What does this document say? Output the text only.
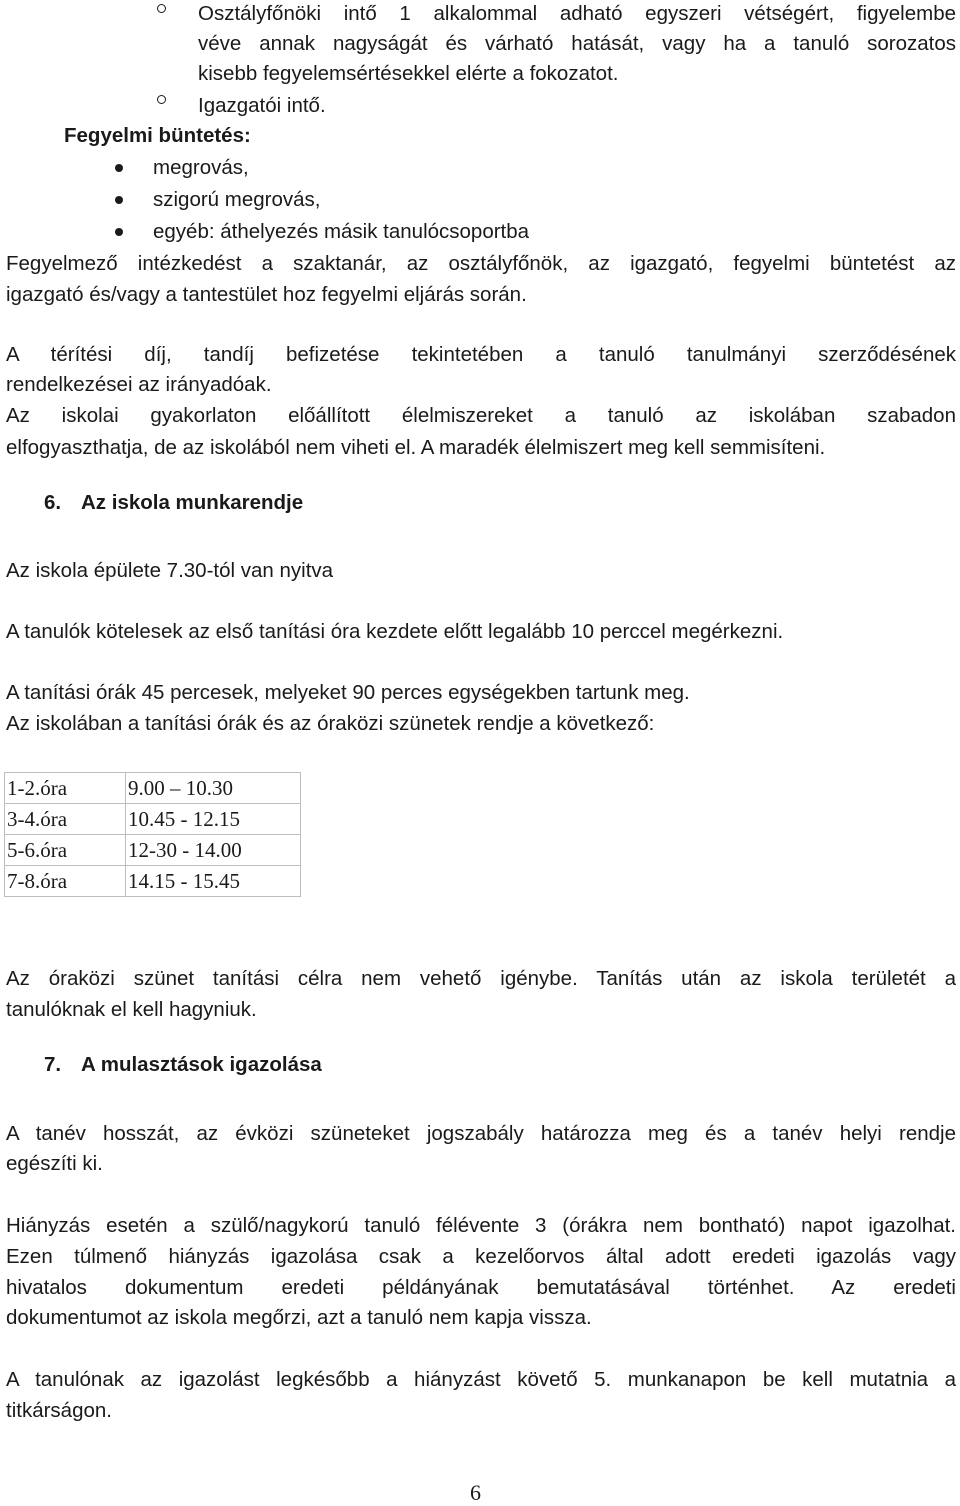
Osztályfőnöki intő 1 alkalommal adható egyszeri vétségért, figyelembe
véve annak nagyságát és várható hatását, vagy ha a tanuló sorozatos
kisebb fegyelemsértésekkel elérte a fokozatot.
Igazgatói intő.
Fegyelmi büntetés:
megrovás,
szigorú megrovás,
egyéb: áthelyezés másik tanulócsoportba
Fegyelmező intézkedést a szaktanár, az osztályfőnök, az igazgató, fegyelmi büntetést az
igazgató és/vagy a tantestület hoz fegyelmi eljárás során.
A térítési díj, tandíj befizetése tekintetében a tanuló tanulmányi szerződésének
rendelkezései az irányadóak.
Az iskolai gyakorlaton előállított élelmiszereket a tanuló az iskolában szabadon
elfogyaszthatja, de az iskolából nem viheti el. A maradék élelmiszert meg kell semmisíteni.
6. Az iskola munkarendje
Az iskola épülete 7.30-tól van nyitva
A tanulók kötelesek az első tanítási óra kezdete előtt legalább 10 perccel megérkezni.
A tanítási órák 45 percesek, melyeket 90 perces egységekben tartunk meg.
Az iskolában a tanítási órák és az óraközi szünetek rendje a következő:
1-2.óra	9.00 – 10.30
3-4.óra	10.45 - 12.15
5-6.óra	12-30 - 14.00
7-8.óra	14.15 - 15.45
Az óraközi szünet tanítási célra nem vehető igénybe. Tanítás után az iskola területét a
tanulóknak el kell hagyniuk.
7. A mulasztások igazolása
A tanév hosszát, az évközi szüneteket jogszabály határozza meg és a tanév helyi rendje
egészíti ki.
Hiányzás esetén a szülő/nagykorú tanuló félévente 3 (órákra nem bontható) napot igazolhat.
Ezen túlmenő hiányzás igazolása csak a kezelőorvos által adott eredeti igazolás vagy
hivatalos dokumentum eredeti példányának bemutatásával történhet. Az eredeti
dokumentumot az iskola megőrzi, azt a tanuló nem kapja vissza.
A tanulónak az igazolást legkésőbb a hiányzást követő 5. munkanapon be kell mutatnia a
titkárságon.
6
